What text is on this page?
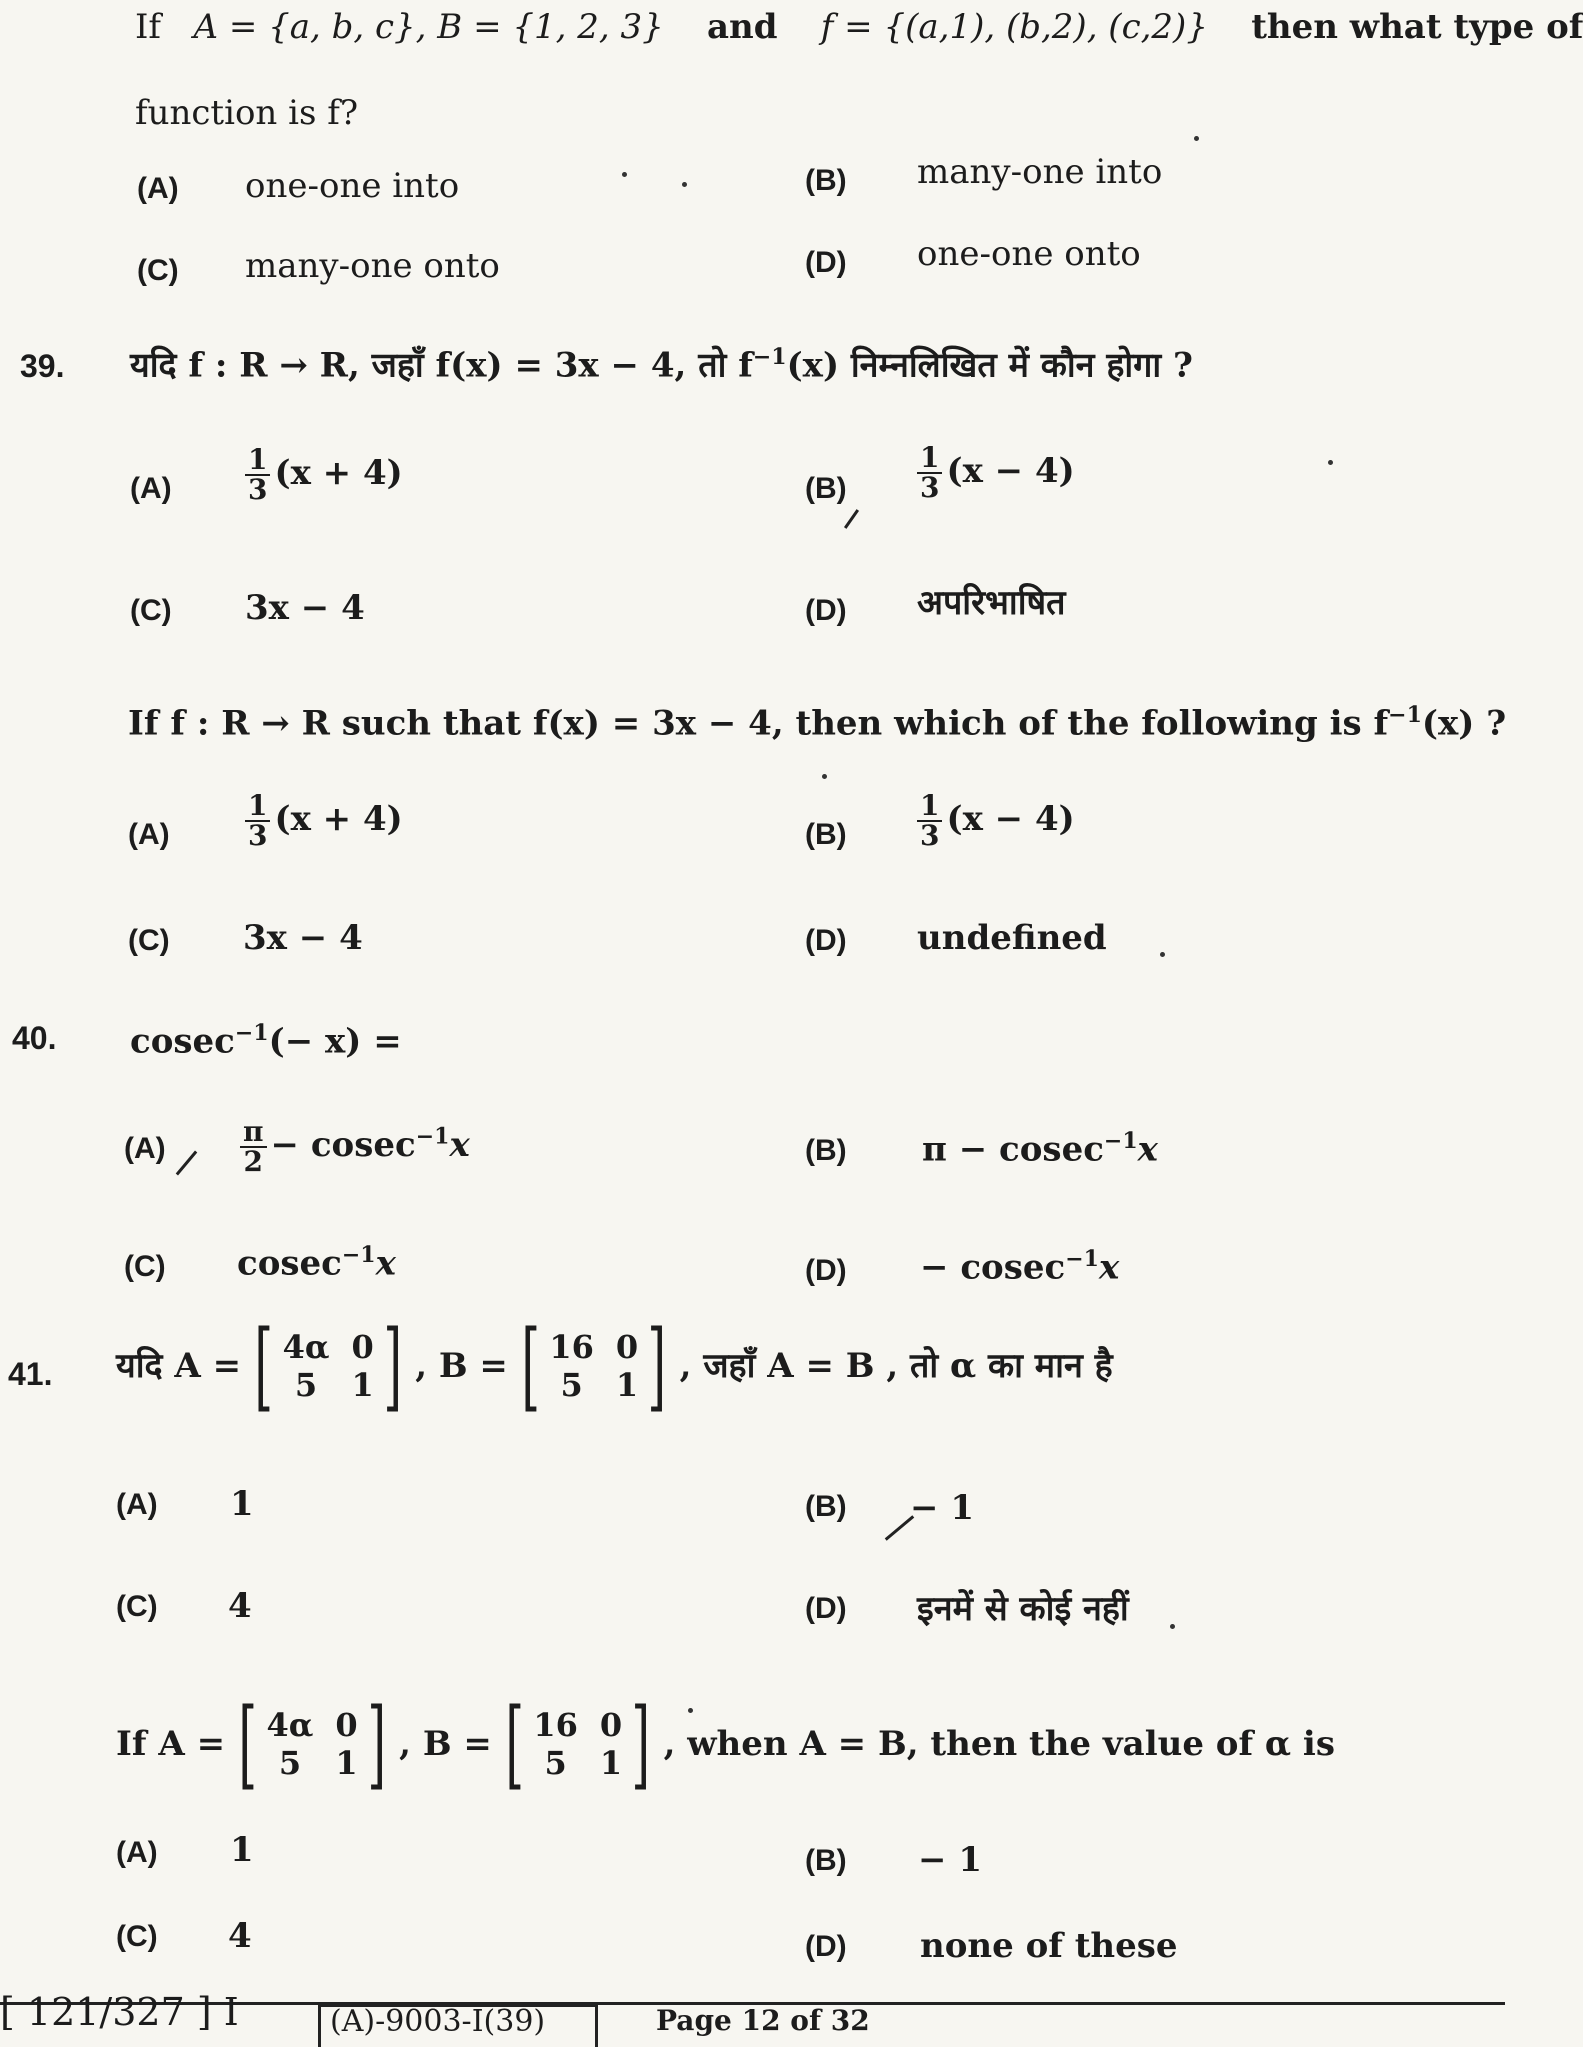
If A = {a, b, c}, B = {1, 2, 3} and f = {(a,1), (b,2), (c,2)} then what type of
function is f?
(A) one-one into	(B) many-one into
(C) many-one onto	(D) one-one onto
39. यदि f : R → R, जहाँ f(x) = 3x − 4, तो $f^{-1}(x)$ निम्नलिखित में कौन होगा ?
(A)	$\frac{1}{3} (x + 4)$	(B)	$\frac{1}{3} (x - 4)$
(C) 3x − 4	(D) अपरिभाषित
If f : R → R such that f(x) = 3x − 4, then which of the following is $f^{-1}(x)$ ?
(A)	$\frac{1}{3} (x + 4)$	(B)	$\frac{1}{3} (x - 4)$
(C) 3x − 4	(D) undefined
40. cosec$^{-1}$(− x) =
(A)	$\frac{\pi}{2} - cosec^{-1}x$	(B) π − cosec$^{-1}$x
(C) cosec$^{-1}$x	(D) − cosec$^{-1}$x
41. यदि A = [ 4α 0
5	1 ] , B = [ 16 0
5	1 ] , जहाँ A = B , तो α का मान है
(A) 1	(B) − 1
(C) 4	(D) इनमें से कोई नहीं
If A = [ 4α 0
5	1 ] , B = [ 16 0
5	1 ] , when A = B, then the value of α is
(A) 1	(B) − 1
(C) 4	(D) none of these
[ 121/327 ] I	(A)-9003-I(39)	Page 12 of 32
